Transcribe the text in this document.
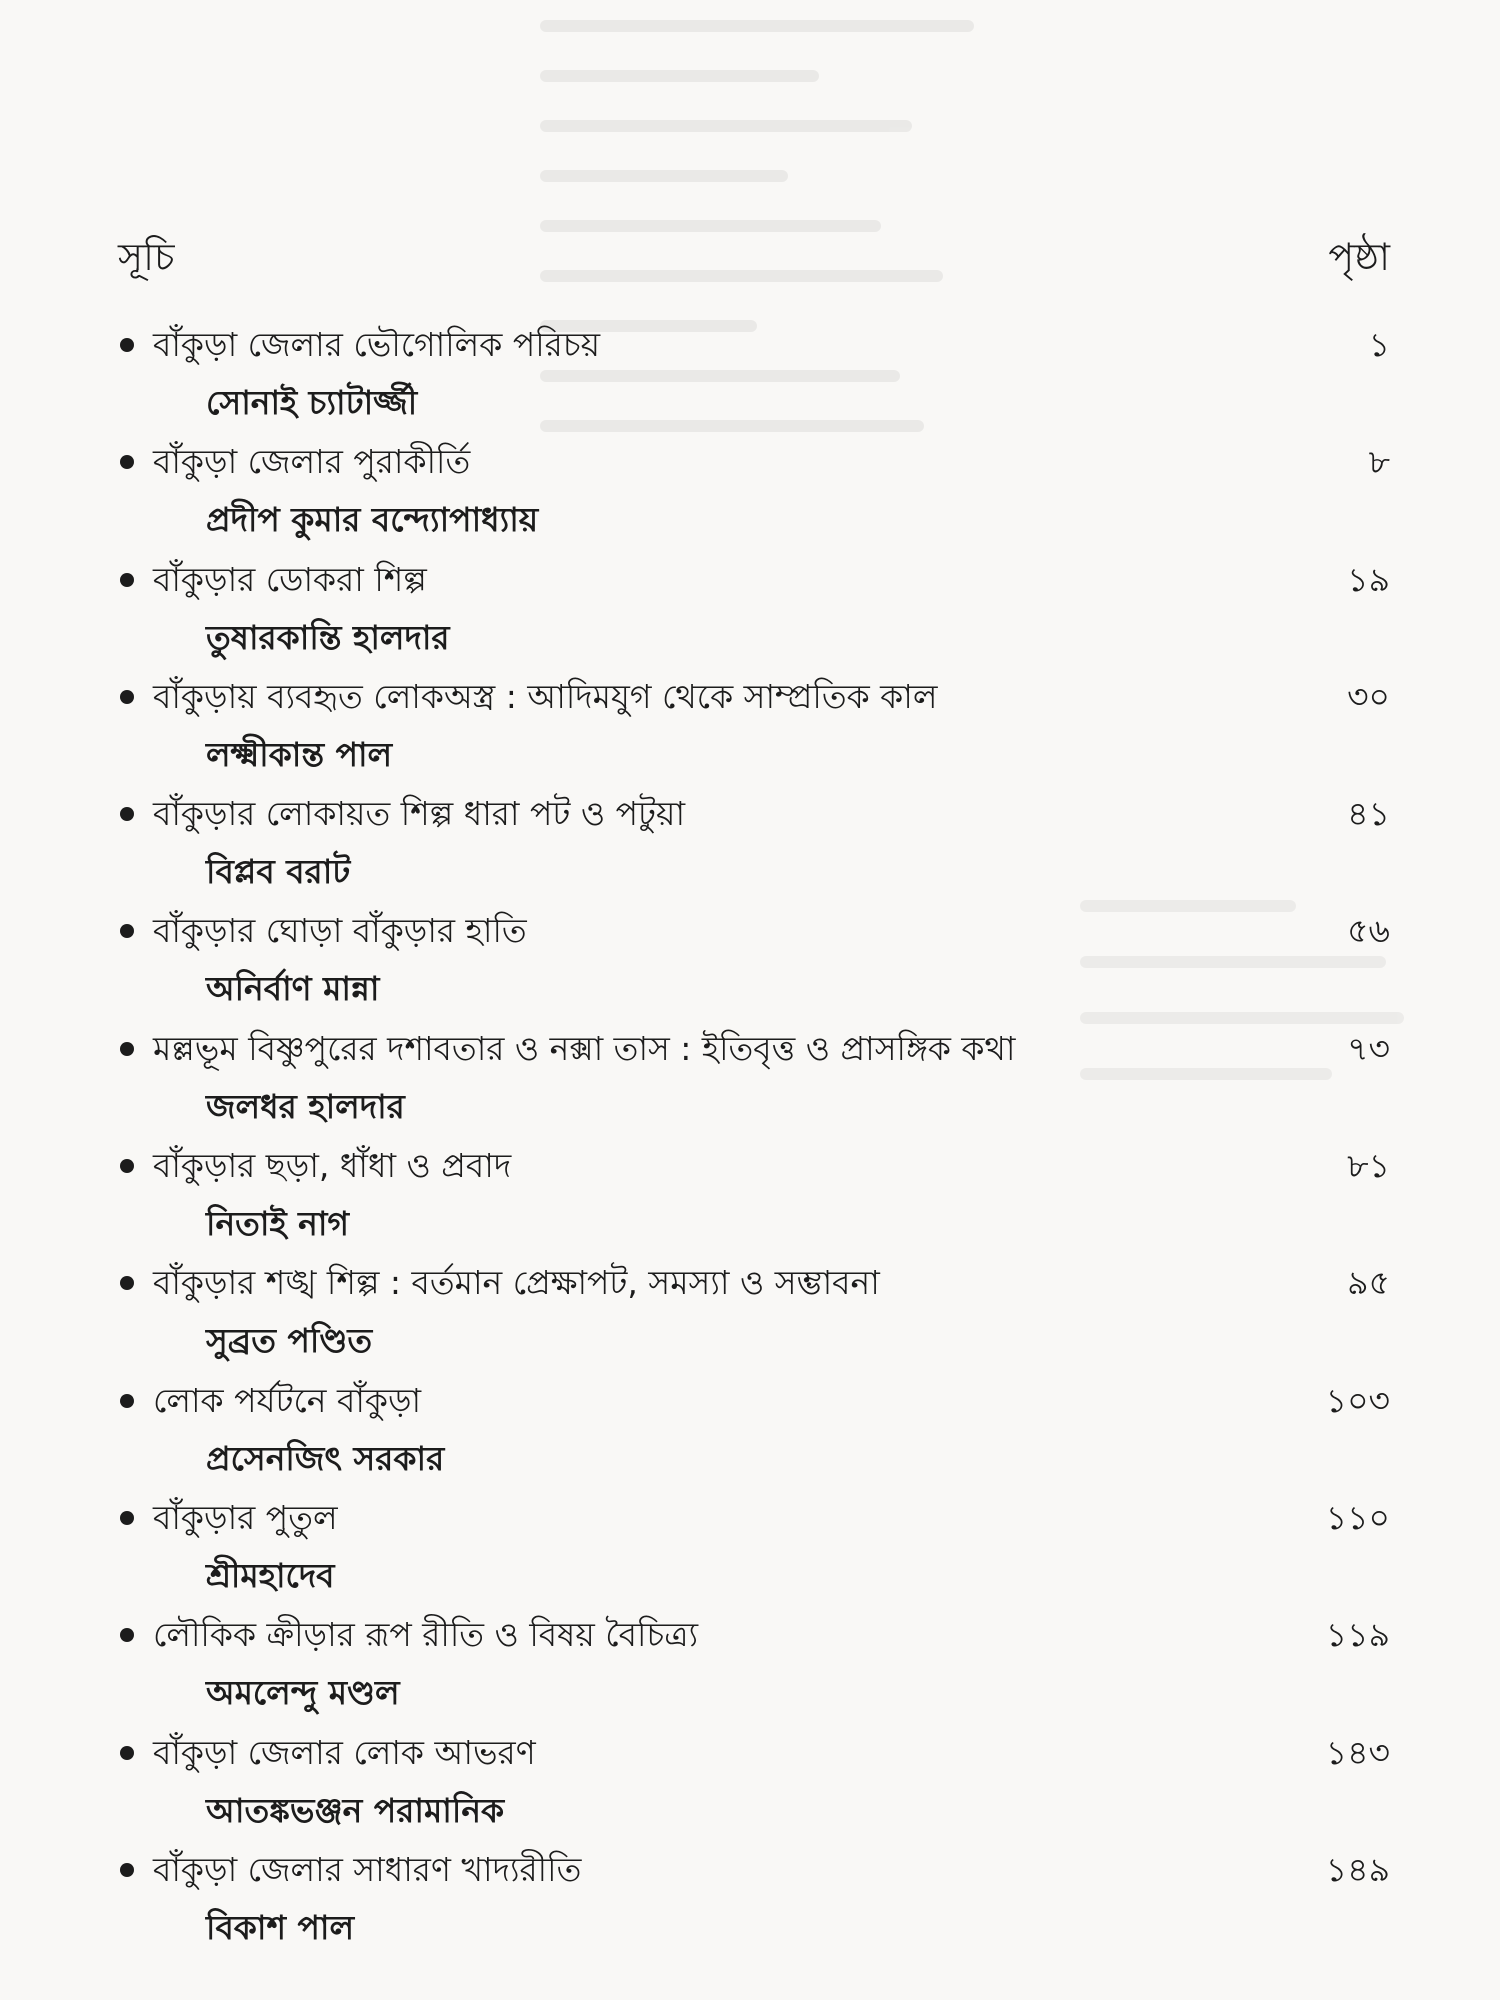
সূচি	পৃষ্ঠা
বাঁকুড়া জেলার ভৌগোলিক পরিচয়	১
সোনাই চ্যাটার্জ্জী
বাঁকুড়া জেলার পুরাকীর্তি	৮
প্রদীপ কুমার বন্দ্যোপাধ্যায়
বাঁকুড়ার ডোকরা শিল্প	১৯
তুষারকান্তি হালদার
বাঁকুড়ায় ব্যবহৃত লোকঅস্ত্র : আদিমযুগ থেকে সাম্প্রতিক কাল	৩০
লক্ষ্মীকান্ত পাল
বাঁকুড়ার লোকায়ত শিল্প ধারা পট ও পটুয়া	৪১
বিপ্লব বরাট
বাঁকুড়ার ঘোড়া বাঁকুড়ার হাতি	৫৬
অনির্বাণ মান্না
মল্লভূম বিষ্ণুপুরের দশাবতার ও নক্সা তাস : ইতিবৃত্ত ও প্রাসঙ্গিক কথা	৭৩
জলধর হালদার
বাঁকুড়ার ছড়া, ধাঁধা ও প্রবাদ	৮১
নিতাই নাগ
বাঁকুড়ার শঙ্খ শিল্প : বর্তমান প্রেক্ষাপট, সমস্যা ও সম্ভাবনা	৯৫
সুব্রত পণ্ডিত
লোক পর্যটনে বাঁকুড়া	১০৩
প্রসেনজিৎ সরকার
বাঁকুড়ার পুতুল	১১০
শ্রীমহাদেব
লৌকিক ক্রীড়ার রূপ রীতি ও বিষয় বৈচিত্র্য	১১৯
অমলেন্দু মণ্ডল
বাঁকুড়া জেলার লোক আভরণ	১৪৩
আতঙ্কভঞ্জন পরামানিক
বাঁকুড়া জেলার সাধারণ খাদ্যরীতি	১৪৯
বিকাশ পাল
